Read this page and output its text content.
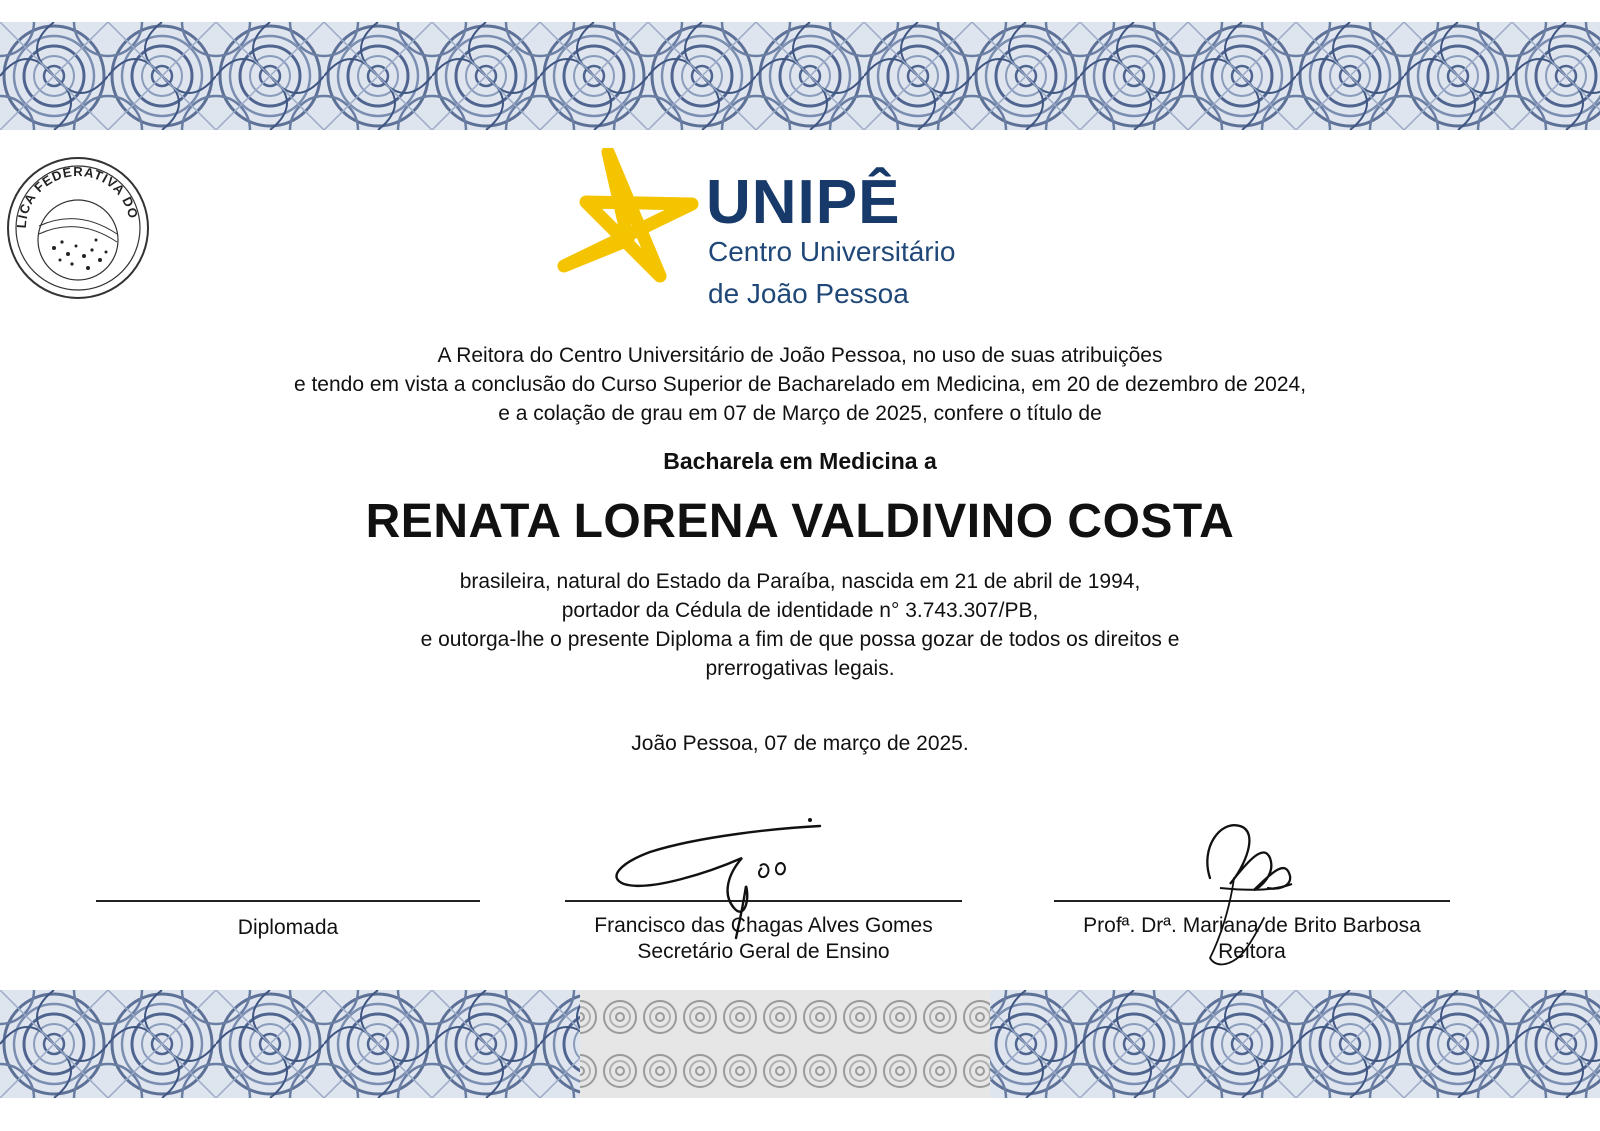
LICA FEDERATIVA DO	UNIPÊ
Centro Universitário
de João Pessoa
A Reitora do Centro Universitário de João Pessoa, no uso de suas atribuições
e tendo em vista a conclusão do Curso Superior de Bacharelado em Medicina, em 20 de dezembro de 2024,
e a colação de grau em 07 de Março de 2025, confere o título de
Bacharela em Medicina a
RENATA LORENA VALDIVINO COSTA
brasileira, natural do Estado da Paraíba, nascida em 21 de abril de 1994,
portador da Cédula de identidade n° 3.743.307/PB,
e outorga-lhe o presente Diploma a fim de que possa gozar de todos os direitos e
prerrogativas legais.
João Pessoa, 07 de março de 2025.
Diplomada	Francisco das Chagas Alves Gomes
Secretário Geral de Ensino
Profª. Drª. Mariana de Brito Barbosa
Reitora
